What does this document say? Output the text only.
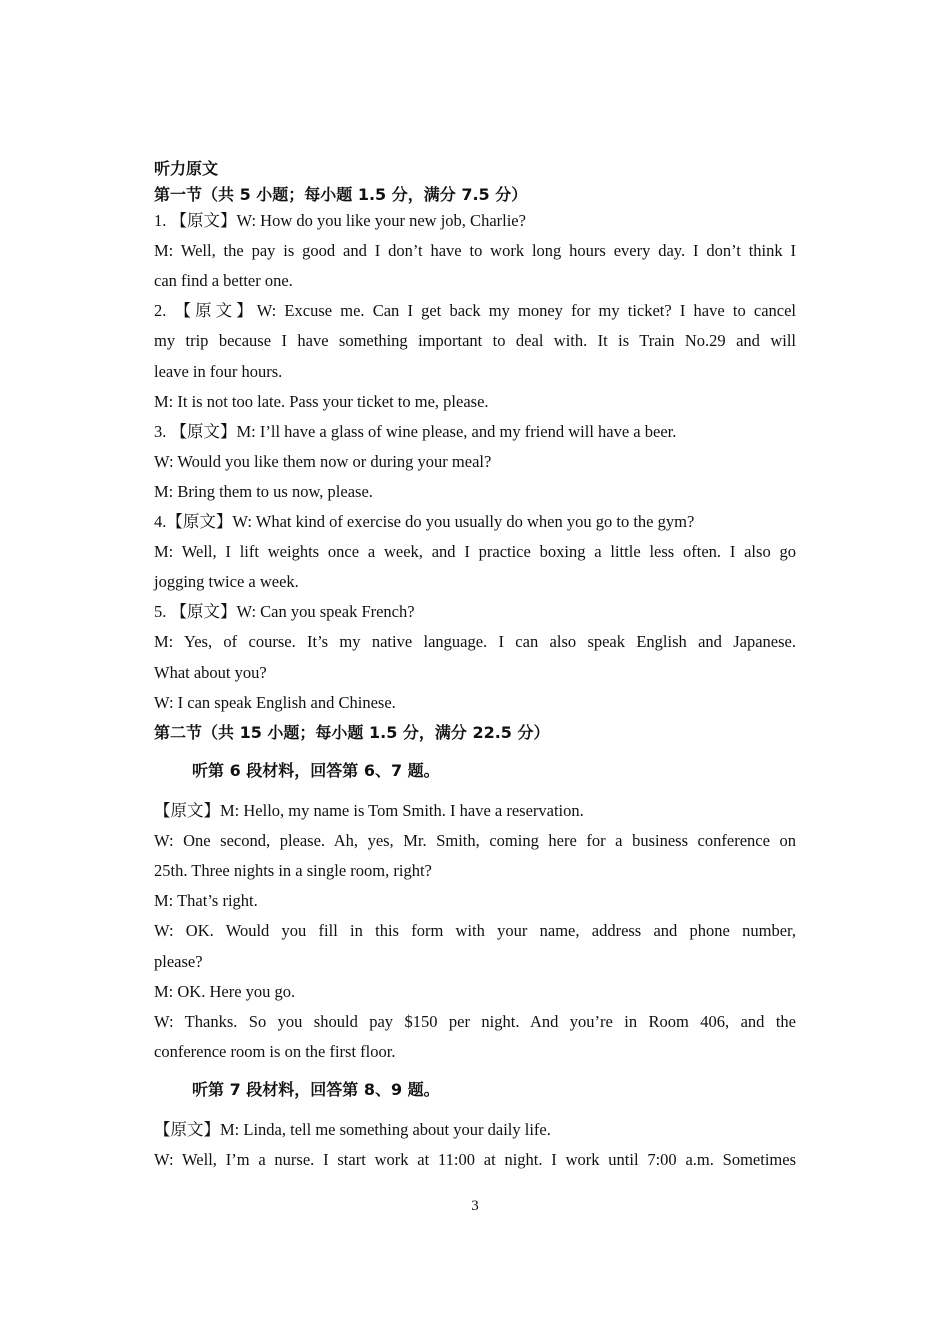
听力原文
第一节（共 5 小题；每小题 1.5 分，满分 7.5 分）
1. 【原文】W: How do you like your new job, Charlie?
M: Well, the pay is good and I don’t have to work long hours every day. I don’t think I
can find a better one.
2. 【原文】W: Excuse me. Can I get back my money for my ticket? I have to cancel
my trip because I have something important to deal with. It is Train No.29 and will
leave in four hours.
M: It is not too late. Pass your ticket to me, please.
3. 【原文】M: I’ll have a glass of wine please, and my friend will have a beer.
W: Would you like them now or during your meal?
M: Bring them to us now, please.
4.【原文】W: What kind of exercise do you usually do when you go to the gym?
M: Well, I lift weights once a week, and I practice boxing a little less often. I also go
jogging twice a week.
5. 【原文】W: Can you speak French?
M: Yes, of course. It’s my native language. I can also speak English and Japanese.
What about you?
W: I can speak English and Chinese.
第二节（共 15 小题；每小题 1.5 分，满分 22.5 分）
听第 6 段材料，回答第 6、7 题。
【原文】M: Hello, my name is Tom Smith. I have a reservation.
W: One second, please. Ah, yes, Mr. Smith, coming here for a business conference on
25th. Three nights in a single room, right?
M: That’s right.
W: OK. Would you fill in this form with your name, address and phone number,
please?
M: OK. Here you go.
W: Thanks. So you should pay $150 per night. And you’re in Room 406, and the
conference room is on the first floor.
听第 7 段材料，回答第 8、9 题。
【原文】M: Linda, tell me something about your daily life.
W: Well, I’m a nurse. I start work at 11:00 at night. I work until 7:00 a.m. Sometimes
3
